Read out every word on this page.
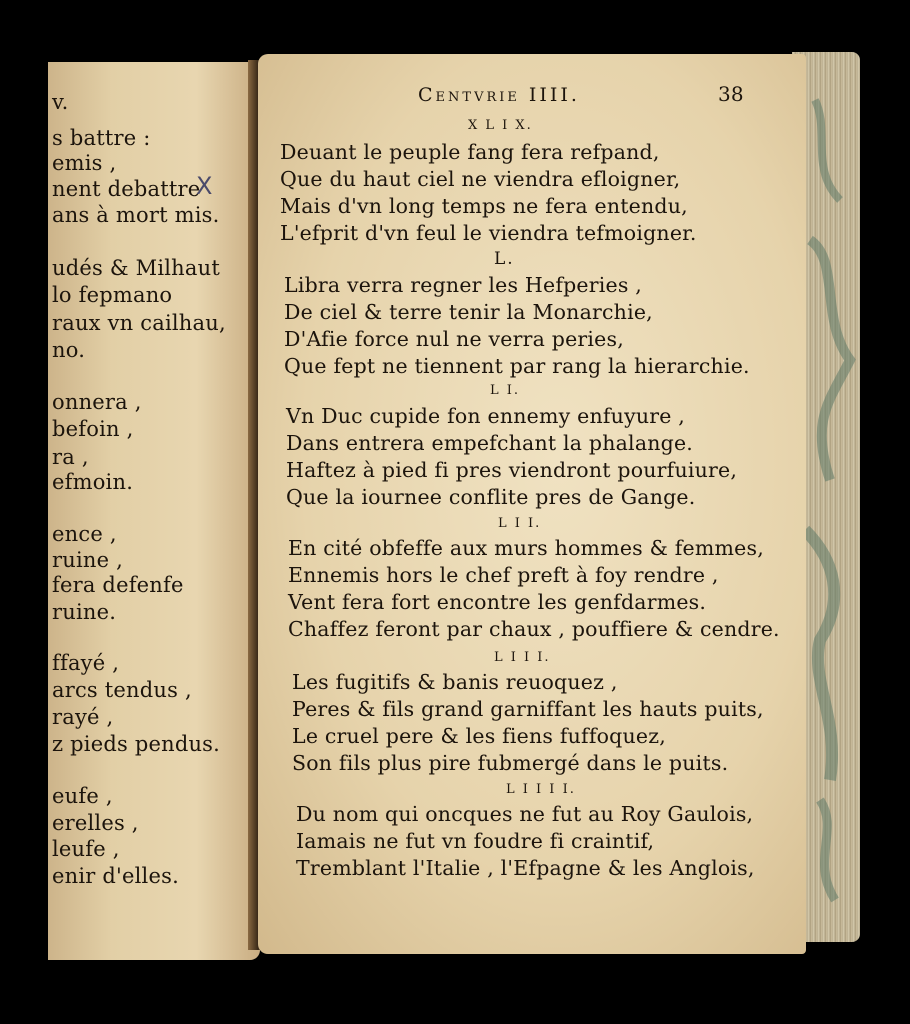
v.
s battre :
emis ,
nent debattre
ans à mort mis.
udés & Milhaut
lo fepmano
raux vn cailhau,
no.
onnera ,
befoin ,
ra ,
efmoin.
ence ,
ruine ,
fera defenfe
ruine.
ffayé ,
arcs tendus ,
rayé ,
z pieds pendus.
eufe ,
erelles ,
leufe ,
enir d'elles.
X
Centvrie IIII.	38
X L I X.
Deuant le peuple fang fera refpand,
Que du haut ciel ne viendra efloigner,
Mais d'vn long temps ne fera entendu,
L'efprit d'vn feul le viendra tefmoigner.
L.
Libra verra regner les Hefperies ,
De ciel & terre tenir la Monarchie,
D'Afie force nul ne verra peries,
Que fept ne tiennent par rang la hierarchie.
L I.
Vn Duc cupide fon ennemy enfuyure ,
Dans entrera empefchant la phalange.
Haftez à pied fi pres viendront pourfuiure,
Que la iournee conflite pres de Gange.
L I I.
En cité obfeffe aux murs hommes & femmes,
Ennemis hors le chef preft à foy rendre ,
Vent fera fort encontre les genfdarmes.
Chaffez feront par chaux , pouffiere & cendre.
L I I I.
Les fugitifs & banis reuoquez ,
Peres & fils grand garniffant les hauts puits,
Le cruel pere & les fiens fuffoquez,
Son fils plus pire fubmergé dans le puits.
L I I I I.
Du nom qui oncques ne fut au Roy Gaulois,
Iamais ne fut vn foudre fi craintif,
Tremblant l'Italie , l'Efpagne & les Anglois,
